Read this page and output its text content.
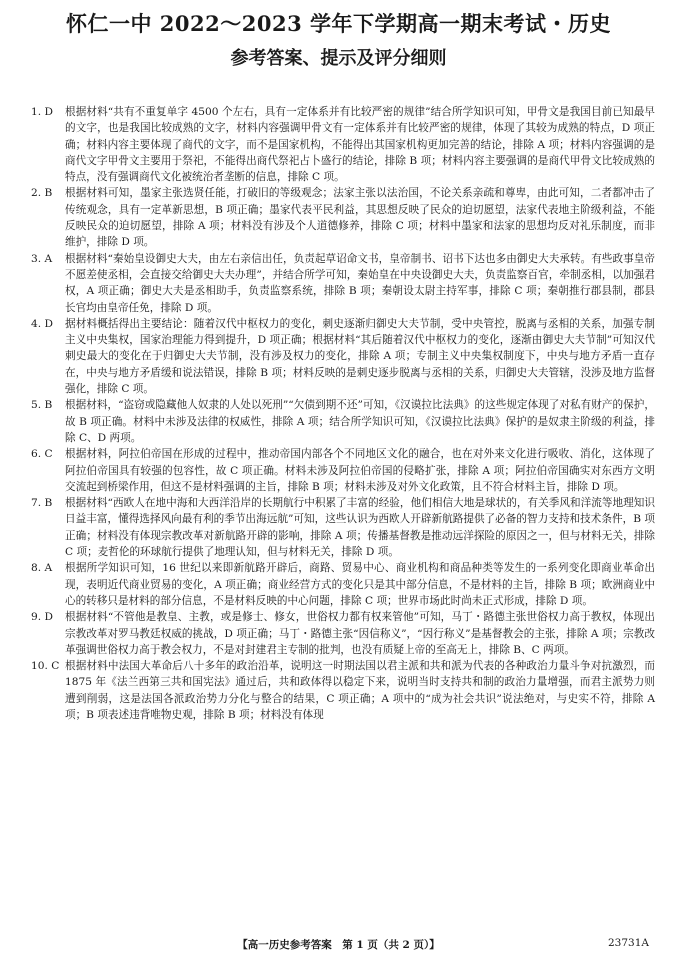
怀仁一中 2022～2023 学年下学期高一期末考试・历史
参考答案、提示及评分细则
1. D	根据材料“共有不重复单字 4500 个左右，具有一定体系并有比较严密的规律”结合所学知识可知，甲骨文是我国目前已知最早的文字，也是我国比较成熟的文字，材料内容强调甲骨文有一定体系并有比较严密的规律，体现了其较为成熟的特点，D 项正确；材料内容主要体现了商代的文字，而不是国家机构，不能得出其国家机构更加完善的结论，排除 A 项；材料内容强调的是商代文字甲骨文主要用于祭祀，不能得出商代祭祀占卜盛行的结论，排除 B 项；材料内容主要强调的是商代甲骨文比较成熟的特点，没有强调商代文化被统治者垄断的信息，排除 C 项。
2. B	根据材料可知，墨家主张选贤任能，打破旧的等级观念；法家主张以法治国，不论关系亲疏和尊卑，由此可知，二者都冲击了传统观念，具有一定革新思想，B 项正确；墨家代表平民利益，其思想反映了民众的迫切愿望，法家代表地主阶级利益，不能反映民众的迫切愿望，排除 A 项；材料没有涉及个人道德修养，排除 C 项；材料中墨家和法家的思想均反对礼乐制度，而非维护，排除 D 项。
3. A	根据材料“秦始皇设御史大夫，由左右亲信出任，负责起草诏命文书，皇帝制书、诏书下达也多由御史大夫承转。有些政事皇帝不愿差使丞相，会直接交给御史大夫办理”，并结合所学可知，秦始皇在中央设御史大夫，负责监察百官，牵制丞相，以加强君权，A 项正确；御史大夫是丞相助手，负责监察系统，排除 B 项；秦朝设太尉主持军事，排除 C 项；秦朝推行郡县制，郡县长官均由皇帝任免，排除 D 项。
4. D	据材料概括得出主要结论：随着汉代中枢权力的变化，刺史逐渐归御史大夫节制，受中央管控，脱离与丞相的关系，加强专制主义中央集权，国家治理能力得到提升，D 项正确；根据材料“其后随着汉代中枢权力的变化，逐渐由御史大夫节制”可知汉代刺史最大的变化在于归御史大夫节制，没有涉及权力的变化，排除 A 项；专制主义中央集权制度下，中央与地方矛盾一直存在，中央与地方矛盾缓和说法错误，排除 B 项；材料反映的是刺史逐步脱离与丞相的关系，归御史大夫管辖，没涉及地方监督强化，排除 C 项。
5. B	根据材料，“盗窃或隐藏他人奴隶的人处以死刑”“欠债到期不还”可知，《汉谟拉比法典》的这些规定体现了对私有财产的保护，故 B 项正确。材料中未涉及法律的权威性，排除 A 项；结合所学知识可知，《汉谟拉比法典》保护的是奴隶主阶级的利益，排除 C、D 两项。
6. C	根据材料，阿拉伯帝国在形成的过程中，推动帝国内部各个不同地区文化的融合，也在对外来文化进行吸收、消化，这体现了阿拉伯帝国具有较强的包容性，故 C 项正确。材料未涉及阿拉伯帝国的侵略扩张，排除 A 项；阿拉伯帝国确实对东西方文明交流起到桥梁作用，但这不是材料强调的主旨，排除 B 项；材料未涉及对外文化政策，且不符合材料主旨，排除 D 项。
7. B	根据材料“西欧人在地中海和大西洋沿岸的长期航行中积累了丰富的经验，他们相信大地是球状的，有关季风和洋流等地理知识日益丰富，懂得选择风向最有利的季节出海远航”可知，这些认识为西欧人开辟新航路提供了必备的智力支持和技术条件，B 项正确；材料没有体现宗教改革对新航路开辟的影响，排除 A 项；传播基督教是推动远洋探险的原因之一，但与材料无关，排除 C 项；麦哲伦的环球航行提供了地理认知，但与材料无关，排除 D 项。
8. A	根据所学知识可知，16 世纪以来即新航路开辟后，商路、贸易中心、商业机构和商品种类等发生的一系列变化即商业革命出现，表明近代商业贸易的变化，A 项正确；商业经营方式的变化只是其中部分信息，不是材料的主旨，排除 B 项；欧洲商业中心的转移只是材料的部分信息，不是材料反映的中心问题，排除 C 项；世界市场此时尚未正式形成，排除 D 项。
9. D	根据材料“不管他是教皇、主教，或是修士、修女，世俗权力都有权来管他”可知，马丁・路德主张世俗权力高于教权，体现出宗教改革对罗马教廷权威的挑战，D 项正确；马丁・路德主张“因信称义”，“因行称义”是基督教会的主张，排除 A 项；宗教改革强调世俗权力高于教会权力，不是对封建君主专制的批判，也没有质疑上帝的至高无上，排除 B、C 两项。
10. C 根据材料中法国大革命后八十多年的政治沿革，说明这一时期法国以君主派和共和派为代表的各种政治力量斗争对抗激烈，而 1875 年《法兰西第三共和国宪法》通过后，共和政体得以稳定下来，说明当时支持共和制的政治力量增强，而君主派势力则遭到削弱，这是法国各派政治势力分化与整合的结果，C 项正确；A 项中的“成为社会共识”说法绝对，与史实不符，排除 A 项；B 项表述违背唯物史观，排除 B 项；材料没有体现
【高一历史参考答案　第 1 页（共 2 页）】	23731A
